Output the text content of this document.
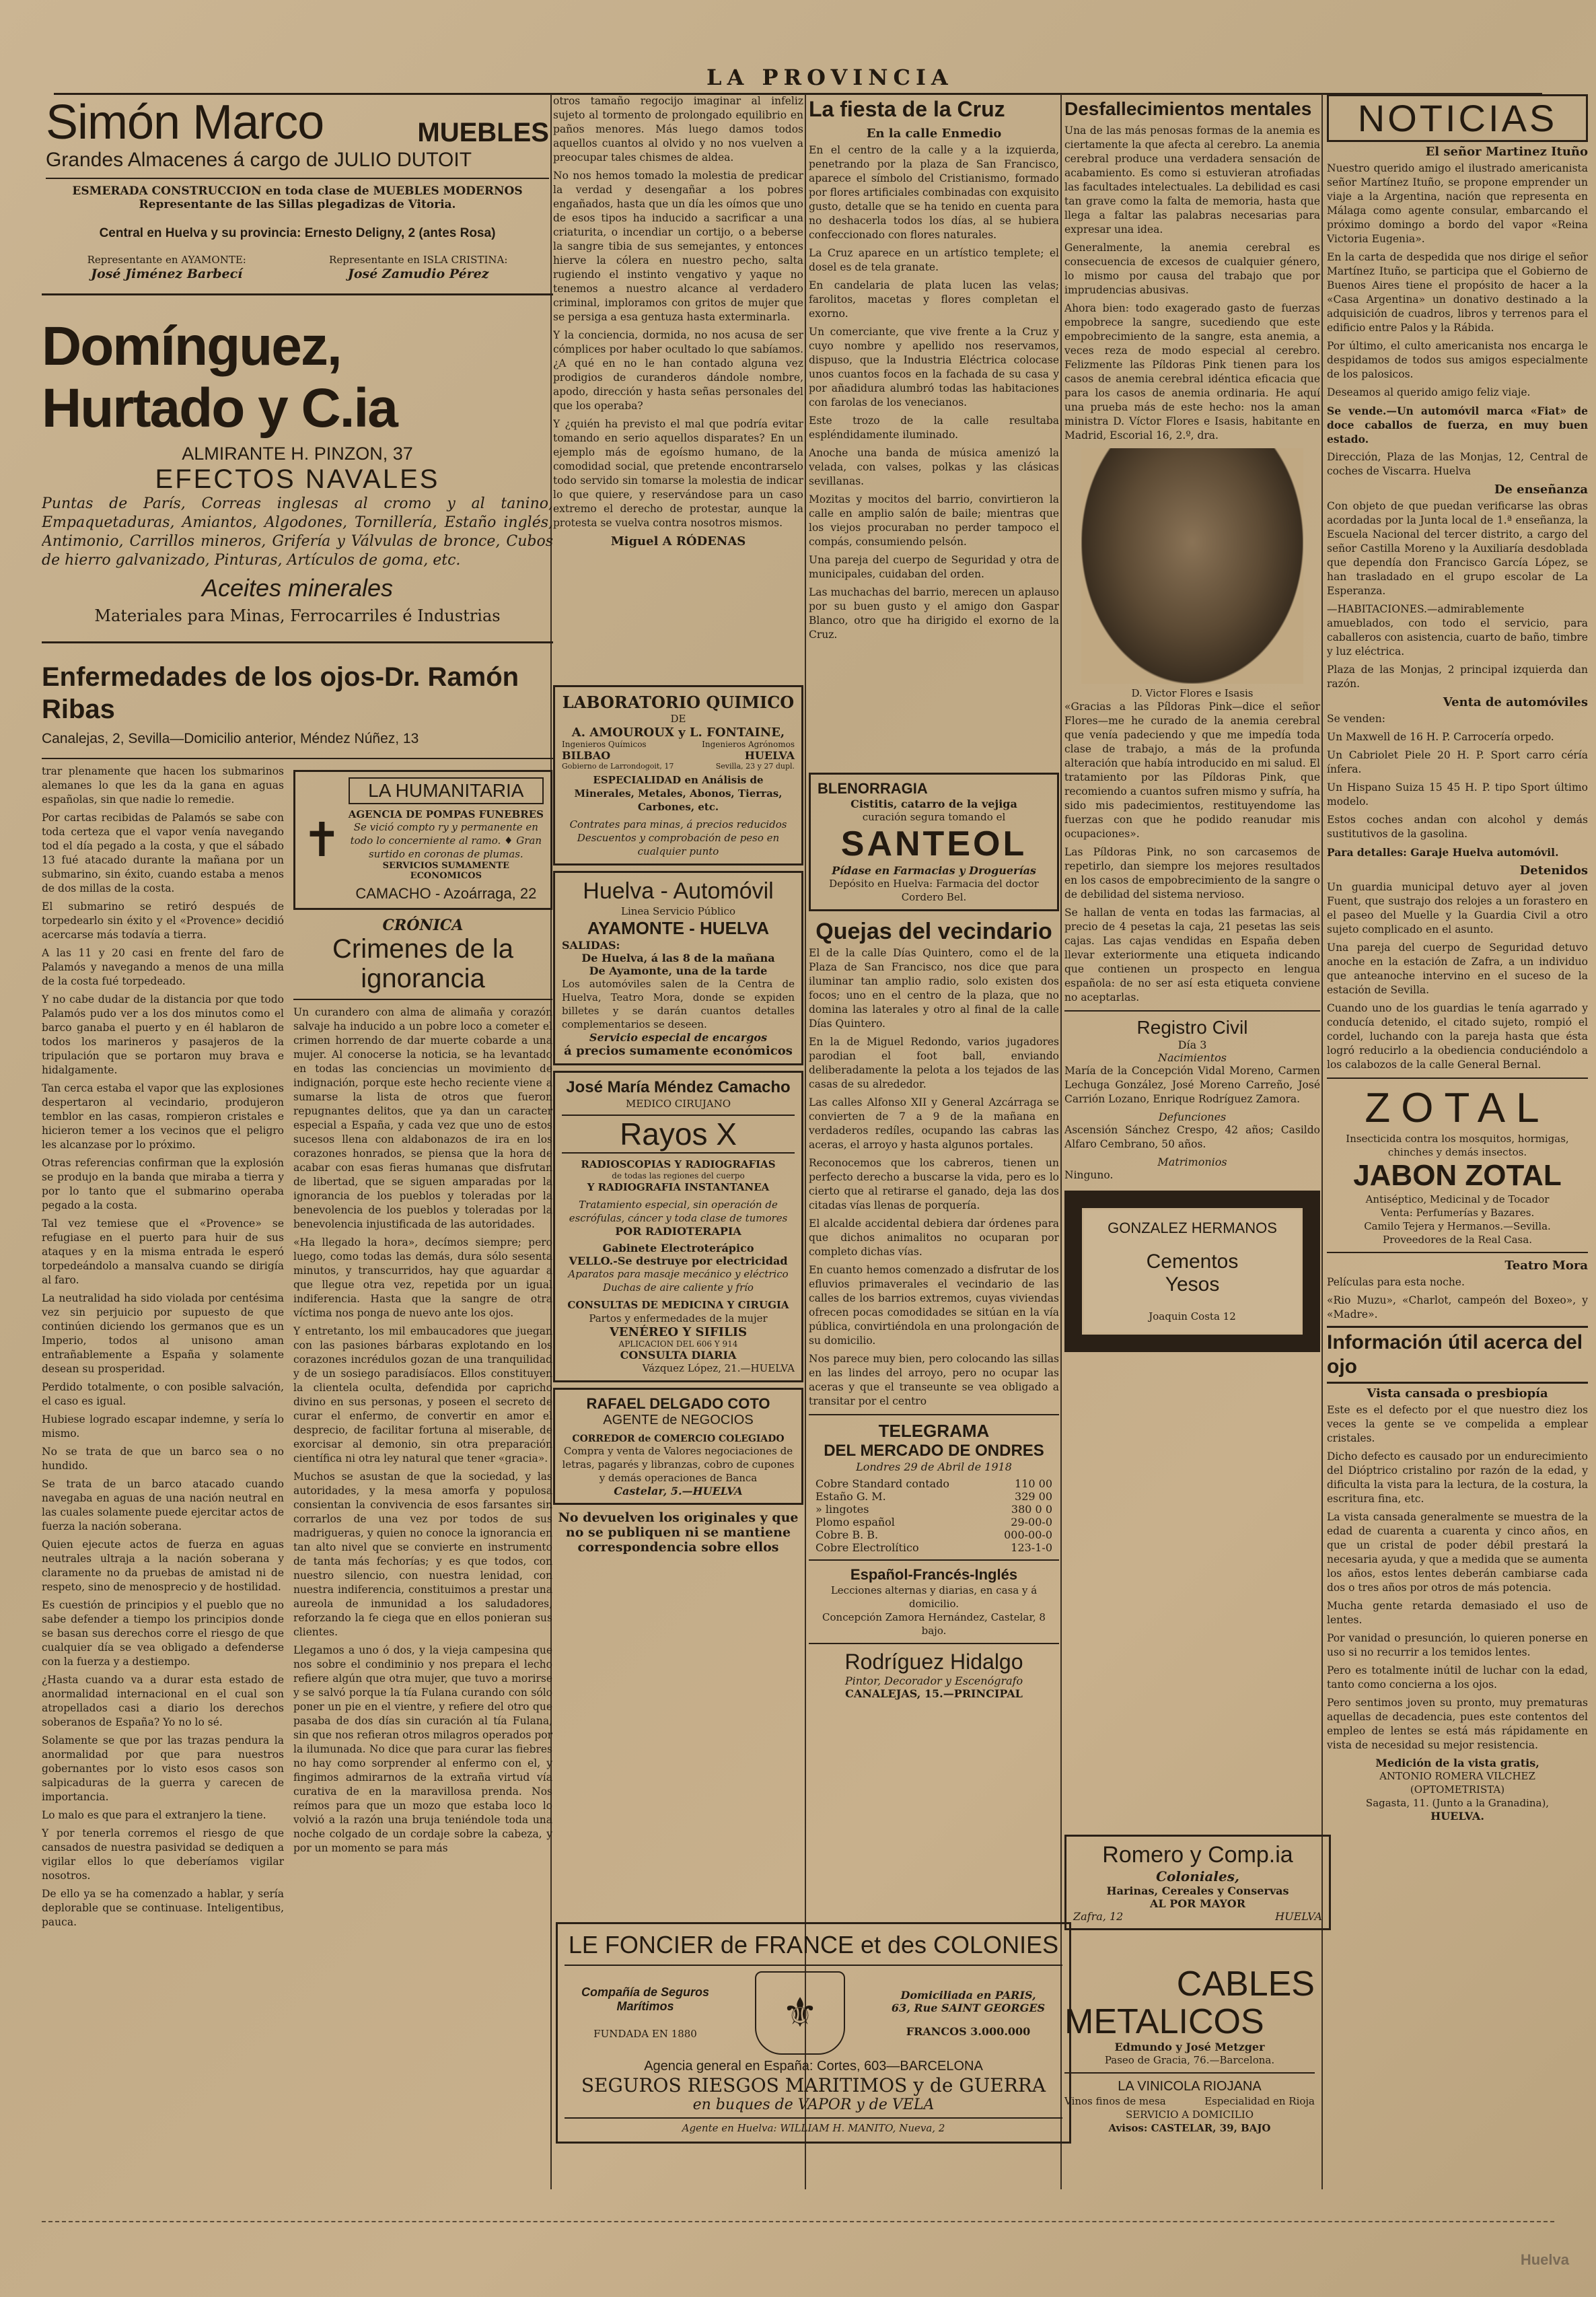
LA PROVINCIA
Simón Marco	MUEBLES
Grandes Almacenes á cargo de JULIO DUTOIT
ESMERADA CONSTRUCCION en toda clase de MUEBLES MODERNOS
Representante de las Sillas plegadizas de Vitoria.
Central en Huelva y su provincia: Ernesto Deligny, 2 (antes Rosa)
Representante en AYAMONTE:
José Jiménez Barbecí
Representante en ISLA CRISTINA:
José Zamudio Pérez
Domínguez, Hurtado y C.ia
ALMIRANTE H. PINZON, 37
EFECTOS NAVALES
Puntas de París, Correas inglesas al cromo y al tanino, Empaquetaduras, Amiantos, Algodones, Tornillería, Estaño inglés, Antimonio, Carrillos mineros, Grifería y Válvulas de bronce, Cubos de hierro galvanizado, Pinturas, Artículos de goma, etc.
Aceites minerales
Materiales para Minas, Ferrocarriles é Industrias
Enfermedades de los ojos-Dr. Ramón Ribas
Canalejas, 2, Sevilla—Domicilio anterior, Méndez Núñez, 13

trar plenamente que hacen los submarinos alemanes lo que les da la gana en aguas españolas, sin que nadie lo remedie.

Por cartas recibidas de Palamós se sabe con toda certeza que el vapor venía navegando tod el día pegado a la costa, y que el sábado 13 fué atacado durante la mañana por un submarino, sin éxito, cuando estaba a menos de dos millas de la costa.

El submarino se retiró después de torpedearlo sin éxito y el «Provence» decidió acercarse más todavía a tierra.

A las 11 y 20 casi en frente del faro de Palamós y navegando a menos de una milla de la costa fué torpedeado.

Y no cabe dudar de la distancia por que todo Palamós pudo ver a los dos minutos como el barco ganaba el puerto y en él hablaron de todos los marineros y pasajeros de la tripulación que se portaron muy brava e hidalgamente.

Tan cerca estaba el vapor que las explosiones despertaron al vecindario, produjeron temblor en las casas, rompieron cristales e hicieron temer a los vecinos que el peligro les alcanzase por lo próximo.

Otras referencias confirman que la explosión se produjo en la banda que miraba a tierra y por lo tanto que el submarino operaba pegado a la costa.

Tal vez temiese que el «Provence» se refugiase en el puerto para huir de sus ataques y en la misma entrada le esperó torpedeándolo a mansalva cuando se dirigía al faro.

La neutralidad ha sido violada por centésima vez sin perjuicio por supuesto de que continúen diciendo los germanos que es un Imperio, todos al unisono aman entrañablemente a España y solamente desean su prosperidad.

Perdido totalmente, o con posible salvación, el caso es igual.

Hubiese logrado escapar indemne, y sería lo mismo.

No se trata de que un barco sea o no hundido.

Se trata de un barco atacado cuando navegaba en aguas de una nación neutral en las cuales solamente puede ejercitar actos de fuerza la nación soberana.

Quien ejecute actos de fuerza en aguas neutrales ultraja a la nación soberana y claramente no da pruebas de amistad ni de respeto, sino de menosprecio y de hostilidad.

Es cuestión de principios y el pueblo que no sabe defender a tiempo los principios donde se basan sus derechos corre el riesgo de que cualquier día se vea obligado a defenderse con la fuerza y a destiempo.

¿Hasta cuando va a durar esta estado de anormalidad internacional en el cual son atropellados casi a diario los derechos soberanos de España? Yo no lo sé.

Solamente se que por las trazas pendura la anormalidad por que para nuestros gobernantes por lo visto esos casos son salpicaduras de la guerra y carecen de importancia.

Lo malo es que para el extranjero la tiene.

Y por tenerla corremos el riesgo de que cansados de nuestra pasividad se dediquen a vigilar ellos lo que deberíamos vigilar nosotros.

De ello ya se ha comenzado a hablar, y sería deplorable que se continuase. Inteligentibus, pauca.

✝
LA HUMANITARIA
AGENCIA DE POMPAS FUNEBRES
Se vició compto ry y permanente en todo lo concerniente al ramo. ♦ Gran surtido en coronas de plumas.
SERVICIOS SUMAMENTE ECONOMICOS
CAMACHO - Azoárraga, 22
CRÓNICA
Crimenes de la ignorancia

Un curandero con alma de alimaña y corazón salvaje ha inducido a un pobre loco a cometer el crimen horrendo de dar muerte cobarde a una mujer. Al conocerse la noticia, se ha levantado en todas las conciencias un movimiento de indignación, porque este hecho reciente viene a sumarse la lista de otros que fueron repugnantes delitos, que ya dan un caracter especial a España, y cada vez que uno de estos sucesos llena con aldabonazos de ira en los corazones honrados, se piensa que la hora de acabar con esas fieras humanas que disfrutan de libertad, que se siguen amparadas por la ignorancia de los pueblos y toleradas por la benevolencia de los pueblos y toleradas por la benevolencia injustificada de las autoridades.

«Ha llegado la hora», decímos siempre; pero luego, como todas las demás, dura sólo sesenta minutos, y transcurridos, hay que aguardar a que llegue otra vez, repetida por un igual indiferencia. Hasta que la sangre de otra víctima nos ponga de nuevo ante los ojos.

Y entretanto, los mil embaucadores que juegan con las pasiones bárbaras explotando en los corazones incrédulos gozan de una tranquilidad y de un sosiego paradisíacos. Ellos constituyen la clientela oculta, defendida por capricho divino en sus personas, y poseen el secreto de curar el enfermo, de convertir en amor el desprecio, de facilitar fortuna al miserable, de exorcisar al demonio, sin otra preparación científica ni otra ley natural que tener «gracia».

Muchos se asustan de que la sociedad, y las autoridades, y la mesa amorfa y populosa consientan la convivencia de esos farsantes sin corrarlos de una vez por todos de sus madrigueras, y quien no conoce la ignorancia en tan alto nivel que se convierte en instrumento de tanta más fechorías; y es que todos, con nuestro silencio, con nuestra lenidad, con nuestra indiferencia, constituimos a prestar una aureola de inmunidad a los saludadores, reforzando la fe ciega que en ellos ponieran sus clientes.

Llegamos a uno ó dos, y la vieja campesina que nos sobre el condiminio y nos prepara el lecho refiere algún que otra mujer, que tuvo a morirse y se salvó porque la tía Fulana curando con sólo poner un pie en el vientre, y refiere del otro que pasaba de dos días sin curación al tía Fulana, sin que nos refieran otros milagros operados por la ilumunada. No dice que para curar las fiebres no hay como sorprender al enfermo con el, y fingimos admirarnos de la extraña virtud vía curativa de en la maravillosa prenda. Nos reímos para que un mozo que estaba loco lo volvió a la razón una bruja teniéndole toda una noche colgado de un cordaje sobre la cabeza, y por un momento se para más

otros tamaño regocijo imaginar al infeliz sujeto al tormento de prolongado equilibrio en paños menores. Más luego damos todos aquellos cuantos al olvido y no nos vuelven a preocupar tales chismes de aldea.

No nos hemos tomado la molestia de predicar la verdad y desengañar a los pobres engañados, hasta que un día les oímos que uno de esos tipos ha inducido a sacrificar a una criaturita, o incendiar un cortijo, o a beberse la sangre tibia de sus semejantes, y entonces hierve la cólera en nuestro pecho, salta rugiendo el instinto vengativo y yaque no tenemos a nuestro alcance al verdadero criminal, imploramos con gritos de mujer que se persiga a esa gentuza hasta exterminarla.

Y la conciencia, dormida, no nos acusa de ser cómplices por haber ocultado lo que sabíamos. ¿A qué en no le han contado alguna vez prodigios de curanderos dándole nombre, apodo, dirección y hasta señas personales del que los operaba?

Y ¿quién ha previsto el mal que podría evitar tomando en serio aquellos disparates? En un ejemplo más de egoísmo humano, de la comodidad social, que pretende encontrarselo todo servido sin tomarse la molestia de indicar lo que quiere, y reservándose para un caso extremo el derecho de protestar, aunque la protesta se vuelva contra nosotros mismos.

Miguel A RÓDENAS
LABORATORIO QUIMICO
DE
A. AMOUROUX y L. FONTAINE,
Ingenieros Químicos	Ingenieros Agrónomos
BILBAO	HUELVA
Gobierno de Larrondogoit, 17	Sevilla, 23 y 27 dupl.
ESPECIALIDAD en Análisis de Minerales, Metales, Abonos, Tierras, Carbones, etc.
Contrates para minas, á precios reducidos
Descuentos y comprobación de peso en cualquier punto
Huelva - Automóvil
Linea Servicio Público
AYAMONTE - HUELVA
SALIDAS:
De Huelva, á las 8 de la mañana
De Ayamonte, una de la tarde
Los automóviles salen de la Centra de Huelva, Teatro Mora, donde se expiden billetes y se darán cuantos detalles complementarios se deseen.
Servicio especial de encargos
á precios sumamente económicos
José María Méndez Camacho
MEDICO CIRUJANO
Rayos X
RADIOSCOPIAS Y RADIOGRAFIAS
de todas las regiones del cuerpo
Y RADIOGRAFIA INSTANTANEA
Tratamiento especial, sin operación de escrófulas, cáncer y toda clase de tumores
POR RADIOTERAPIA
Gabinete Electroterápico
VELLO.-Se destruye por electricidad
Aparatos para masaje mecánico y eléctrico Duchas de aire caliente y frío
CONSULTAS DE MEDICINA Y CIRUGIA
Partos y enfermedades de la mujer
VENÉREO Y SIFILIS
APLICACION DEL 606 Y 914
CONSULTA DIARIA
Vázquez López, 21.—HUELVA
RAFAEL DELGADO COTO
AGENTE de NEGOCIOS
CORREDOR de COMERCIO COLEGIADO
Compra y venta de Valores negociaciones de letras, pagarés y libranzas, cobro de cupones y demás operaciones de Banca
Castelar, 5.—HUELVA
No devuelven los originales y que no se publiquen ni se mantiene correspondencia sobre ellos
La fiesta de la Cruz
En la calle Enmedio

En el centro de la calle y a la izquierda, penetrando por la plaza de San Francisco, aparece el símbolo del Cristianismo, formado por flores artificiales combinadas con exquisito gusto, detalle que se ha tenido en cuenta para no deshacerla todos los días, al se hubiera confeccionado con flores naturales.

La Cruz aparece en un artístico templete; el dosel es de tela granate.

En candelaria de plata lucen las velas; farolitos, macetas y flores completan el exorno.

Un comerciante, que vive frente a la Cruz y cuyo nombre y apellido nos reservamos, dispuso, que la Industria Eléctrica colocase unos cuantos focos en la fachada de su casa y por añadidura alumbró todas las habitaciones con farolas de los venecianos.

Este trozo de la calle resultaba espléndidamente iluminado.

Anoche una banda de música amenizó la velada, con valses, polkas y las clásicas sevillanas.

Mozitas y mocitos del barrio, convirtieron la calle en amplio salón de baile; mientras que los viejos procuraban no perder tampoco el compás, consumiendo pelsón.

Una pareja del cuerpo de Seguridad y otra de municipales, cuidaban del orden.

Las muchachas del barrio, merecen un aplauso por su buen gusto y el amigo don Gaspar Blanco, otro que ha dirigido el exorno de la Cruz.

BLENORRAGIA
Cistitis, catarro de la vejiga
curación segura tomando el
SANTEOL
Pídase en Farmacias y Droguerías
Depósito en Huelva: Farmacia del doctor Cordero Bel.
Quejas del vecindario

El de la calle Días Quintero, como el de la Plaza de San Francisco, nos dice que para iluminar tan amplio radio, solo existen dos focos; uno en el centro de la plaza, que no domina las laterales y otro al final de la calle Días Quintero.

En la de Miguel Redondo, varios jugadores parodian el foot ball, enviando deliberadamente la pelota a los tejados de las casas de su alrededor.

Las calles Alfonso XII y General Azcárraga se convierten de 7 a 9 de la mañana en verdaderos redíles, ocupando las cabras las aceras, el arroyo y hasta algunos portales.

Reconocemos que los cabreros, tienen un perfecto derecho a buscarse la vida, pero es lo cierto que al retirarse el ganado, deja las dos citadas vías llenas de porquería.

El alcalde accidental debiera dar órdenes para que dichos animalitos no ocuparan por completo dichas vías.

En cuanto hemos comenzado a disfrutar de los efluvios primaverales el vecindario de las calles de los barrios extremos, cuyas viviendas ofrecen pocas comodidades se sitúan en la vía pública, convirtiéndola en una prolongación de su domicilio.

Nos parece muy bien, pero colocando las sillas en las lindes del arroyo, pero no ocupar las aceras y que el transeunte se vea obligado a transitar por el centro

TELEGRAMA
DEL MERCADO DE ONDRES
Londres 29 de Abril de 1918
Cobre Standard contado	110 00
Estaño G. M.	329 00
» lingotes	380 0 0
Plomo español	29-00-0
Cobre B. B.	000-00-0
Cobre Electrolítico	123-1-0
Español-Francés-Inglés
Lecciones alternas y diarias, en casa y á domicilio.
Concepción Zamora Hernández, Castelar, 8 bajo.
Rodríguez Hidalgo
Pintor, Decorador y Escenógrafo
CANALEJAS, 15.—PRINCIPAL
Desfallecimientos mentales

Una de las más penosas formas de la anemia es ciertamente la que afecta al cerebro. La anemia cerebral produce una verdadera sensación de acabamiento. Es como si estuvieran atrofiadas las facultades intelectuales. La debilidad es casi tan grave como la falta de memoria, hasta que llega a faltar las palabras necesarias para expresar una idea.

Generalmente, la anemia cerebral es consecuencia de excesos de cualquier género, lo mismo por causa del trabajo que por imprudencias abusivas.

Ahora bien: todo exagerado gasto de fuerzas empobrece la sangre, sucediendo que este empobrecimiento de la sangre, esta anemia, a veces reza de modo especial al cerebro. Felizmente las Píldoras Pink tienen para los casos de anemia cerebral idéntica eficacia que para los casos de anemia ordinaria. He aquí una prueba más de este hecho: nos la aman ministra D. Víctor Flores e Isasis, habitante en Madrid, Escorial 16, 2.º, dra.

D. Victor Flores e Isasis

«Gracias a las Píldoras Pink—dice el señor Flores—me he curado de la anemia cerebral que venía padeciendo y que me impedía toda clase de trabajo, a más de la profunda alteración que había introducido en mi salud. El tratamiento por las Píldoras Pink, que recomiendo a cuantos sufren mismo y sufría, ha sido mis padecimientos, restituyendome las fuerzas con que he podido reanudar mis ocupaciones».

Las Píldoras Pink, no son carcasemos de repetirlo, dan siempre los mejores resultados en los casos de empobrecimiento de la sangre o de debilidad del sistema nervioso.

Se hallan de venta en todas las farmacias, al precio de 4 pesetas la caja, 21 pesetas las seis cajas. Las cajas vendidas en España deben llevar exteriormente una etiqueta indicando que contienen un prospecto en lengua española: de no ser así esta etiqueta conviene no aceptarlas.

Registro Civil
Día 3
Nacimientos

María de la Concepción Vidal Moreno, Carmen Lechuga González, José Moreno Carreño, José Carrión Lozano, Enrique Rodríguez Zamora.

Defunciones

Ascensión Sánchez Crespo, 42 años; Casildo Alfaro Cembrano, 50 años.

Matrimonios

Ninguno.

GONZALEZ HERMANOS
Cementos
Yesos
Joaquin Costa 12
NOTICIAS
El señor Martinez Ituño

Nuestro querido amigo el ilustrado americanista señor Martínez Ituño, se propone emprender un viaje a la Argentina, nación que representa en Málaga como agente consular, embarcando el próximo domingo a bordo del vapor «Reina Victoria Eugenia».

En la carta de despedida que nos dirige el señor Martínez Ituño, se participa que el Gobierno de Buenos Aires tiene el propósito de hacer a la «Casa Argentina» un donativo destinado a la adquisición de cuadros, libros y terrenos para el edificio entre Palos y la Rábida.

Por último, el culto americanista nos encarga le despidamos de todos sus amigos especialmente de los palosicos.

Deseamos al querido amigo feliz viaje.

Se vende.—Un automóvil marca «Fiat» de doce caballos de fuerza, en muy buen estado.

Dirección, Plaza de las Monjas, 12, Central de coches de Viscarra. Huelva

De enseñanza

Con objeto de que puedan verificarse las obras acordadas por la Junta local de 1.ª enseñanza, la Escuela Nacional del tercer distrito, a cargo del señor Castilla Moreno y la Auxiliaría desdoblada que dependía don Francisco García López, se han trasladado en el grupo escolar de La Esperanza.

—HABITACIONES.—admirablemente amueblados, con todo el servicio, para caballeros con asistencia, cuarto de baño, timbre y luz eléctrica.

Plaza de las Monjas, 2 principal izquierda dan razón.

Venta de automóviles

Se venden:

Un Maxwell de 16 H. P. Carrocería orpedo.

Un Cabriolet Piele 20 H. P. Sport carro céría ínfera.

Un Hispano Suiza 15 45 H. P. tipo Sport último modelo.

Estos coches andan con alcohol y demás sustitutivos de la gasolina.

Para detalles: Garaje Huelva automóvil.

Detenidos

Un guardia municipal detuvo ayer al joven Fuent, que sustrajo dos relojes a un forastero en el paseo del Muelle y la Guardia Civil a otro sujeto complicado en el asunto.

Una pareja del cuerpo de Seguridad detuvo anoche en la estación de Zafra, a un individuo que anteanoche intervino en el suceso de la estación de Sevilla.

Cuando uno de los guardias le tenía agarrado y conducía detenido, el citado sujeto, rompió el cordel, luchando con la pareja hasta que ésta logró reducirlo a la obediencia conduciéndolo a los calabozos de la calle General Bernal.

ZOTAL
Insecticida contra los mosquitos, hormigas, chinches y demás insectos.
JABON ZOTAL
Antiséptico, Medicinal y de Tocador
Venta: Perfumerías y Bazares.
Camilo Tejera y Hermanos.—Sevilla.
Proveedores de la Real Casa.
Teatro Mora

Películas para esta noche.

«Rio Muzu», «Charlot, campeón del Boxeo», y «Madre».

Información útil acerca del ojo
Vista cansada o presbiopía

Este es el defecto por el que nuestro diez los veces la gente se ve compelida a emplear cristales.

Dicho defecto es causado por un endurecimiento del Dióptrico cristalino por razón de la edad, y dificulta la vista para la lectura, de la costura, la escritura fina, etc.

La vista cansada generalmente se muestra de la edad de cuarenta a cuarenta y cinco años, en que un cristal de poder débil prestará la necesaria ayuda, y que a medida que se aumenta los años, estos lentes deberán cambiarse cada dos o tres años por otros de más potencia.

Mucha gente retarda demasiado el uso de lentes.

Por vanidad o presunción, lo quieren ponerse en uso si no recurrir a los temidos lentes.

Pero es totalmente inútil de luchar con la edad, tanto como concierna a los ojos.

Pero sentimos joven su pronto, muy prematuras aquellas de decadencia, pues este contentos del empleo de lentes se está más rápidamente en vista de necesidad su mejor resistencia.

Medición de la vista gratis,
ANTONIO ROMERA VILCHEZ
(OPTOMETRISTA)
Sagasta, 11. (Junto a la Granadina),
HUELVA.
LE FONCIER de FRANCE et des COLONIES
Compañía de Seguros Marítimos
FUNDADA EN 1880	⚜	Domiciliada en PARIS,
63, Rue SAINT GEORGES
FRANCOS 3.000.000
Agencia general en España: Cortes, 603—BARCELONA
SEGUROS RIESGOS MARITIMOS y de GUERRA
en buques de VAPOR y de VELA
Agente en Huelva: WILLIAM H. MANITO, Nueva, 2
Romero y Comp.ia
Coloniales,
Harinas, Cereales y Conservas
AL POR MAYOR
Zafra, 12	HUELVA
CABLES
METALICOS
Edmundo y José Metzger
Paseo de Gracia, 76.—Barcelona.
LA VINICOLA RIOJANA
Vinos finos de mesa	Especialidad en Rioja
SERVICIO A DOMICILIO
Avisos: CASTELAR, 39, BAJO
Huelva
